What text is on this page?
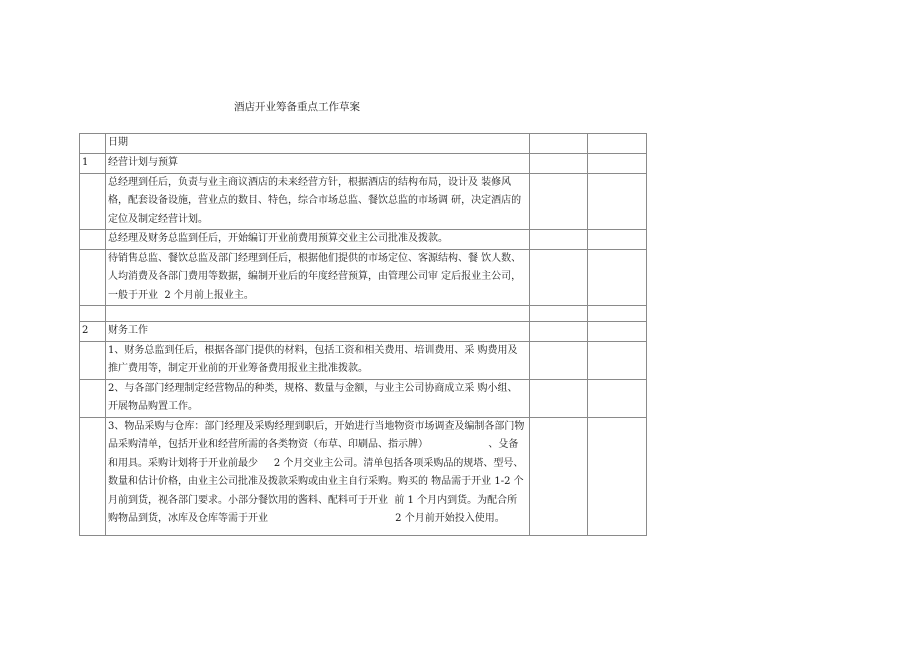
酒店开业筹备重点工作草案
	日期		
1	经营计划与预算		

	总经理到任后，负责与业主商议酒店的未来经营方针，根据酒店的结构布局，设计及 装修风格，配套设备设施，营业点的数目、特色，综合市场总监、餐饮总监的市场调 研，决定酒店的定位及制定经营计划。		

	总经理及财务总监到任后，开始编订开业前费用预算交业主公司批准及拨款。		

	待销售总监、餐饮总监及部门经理到任后，根据他们提供的市场定位、客源结构、餐 饮人数、人均消费及各部门费用等数据，编制开业后的年度经营预算，由管理公司审 定后报业主公司，一般于开业  2 个月前上报业主。		

2	财务工作		

	1、财务总监到任后，根据各部门提供的材料，包括工资和相关费用、培训费用、采 购费用及推广费用等，制定开业前的开业筹备费用报业主批准拨款。		

	2、与各部门经理制定经营物品的种类，规格、数量与金额，与业主公司协商成立采 购小组、开展物品购置工作。		

	3、物品采购与仓库：部门经理及采购经理到职后，开始进行当地物资市场调查及编制各部门物品采购清单，包括开业和经营所需的各类物资（布草、印刷品、指示牌）                   、殳备和用具。采购计划将于开业前最少     2 个月交业主公司。清单包括各项采购品的规塔、型号、数量和估计价格，由业主公司批准及拨款采购或由业主自行采购。购买的 物品需于开业 1-2 个月前到货，视各部门要求。小部分餐饮用的酱料、配料可于开业  前 1 个月内到货。为配合所购物品到货，冰库及仓库等需于开业                                        2 个月前开始投入使用。		
